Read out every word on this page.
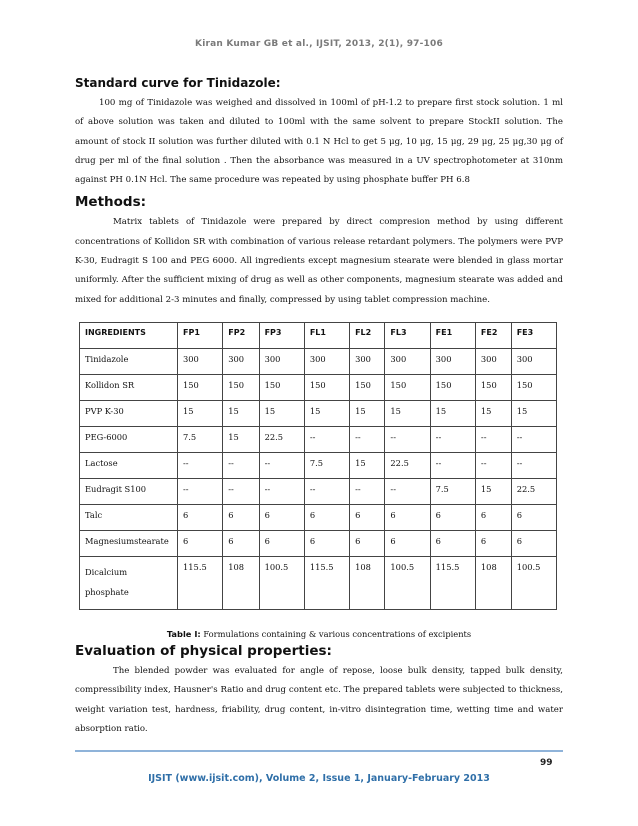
Kiran Kumar GB et al., IJSIT, 2013, 2(1), 97-106
Standard curve for Tinidazole:

100 mg of Tinidazole was weighed and dissolved in 100ml of pH-1.2 to prepare first stock solution. 1 ml of above solution was taken and diluted to 100ml with the same solvent to prepare StockII solution. The amount of stock II solution was further diluted with 0.1 N Hcl to get 5 μg, 10 μg, 15 μg, 29 μg, 25 μg,30 μg of drug per ml of the final solution . Then the absorbance was measured in a UV spectrophotometer at 310nm against PH 0.1N Hcl. The same procedure was repeated by using phosphate buffer PH 6.8

Methods:

Matrix tablets of Tinidazole were prepared by direct compresion method by using different concentrations of Kollidon SR with combination of various release retardant polymers. The polymers were PVP K-30, Eudragit S 100 and PEG 6000. All ingredients except magnesium stearate were blended in glass mortar uniformly. After the sufficient mixing of drug as well as other components, magnesium stearate was added and mixed for additional 2-3 minutes and finally, compressed by using tablet compression machine.

INGREDIENTS	FP1	FP2	FP3	FL1	FL2	FL3	FE1	FE2	FE3
Tinidazole	300	300	300	300	300	300	300	300	300
Kollidon SR	150	150	150	150	150	150	150	150	150
PVP K-30	15	15	15	15	15	15	15	15	15
PEG-6000	7.5	15	22.5	--	--	--	--	--	--
Lactose	--	--	--	7.5	15	22.5	--	--	--
Eudragit S100	--	--	--	--	--	--	7.5	15	22.5
Talc	6	6	6	6	6	6	6	6	6
Magnesiumstearate	6	6	6	6	6	6	6	6	6
Dicalcium phosphate	115.5	108	100.5	115.5	108	100.5	115.5	108	100.5
Table I: Formulations containing & various concentrations of excipients
Evaluation of physical properties:

The blended powder was evaluated for angle of repose, loose bulk density, tapped bulk density, compressibility index, Hausner's Ratio and drug content etc. The prepared tablets were subjected to thickness, weight variation test, hardness, friability, drug content, in-vitro disintegration time, wetting time and water absorption ratio.

99
IJSIT (www.ijsit.com), Volume 2, Issue 1, January-February 2013
